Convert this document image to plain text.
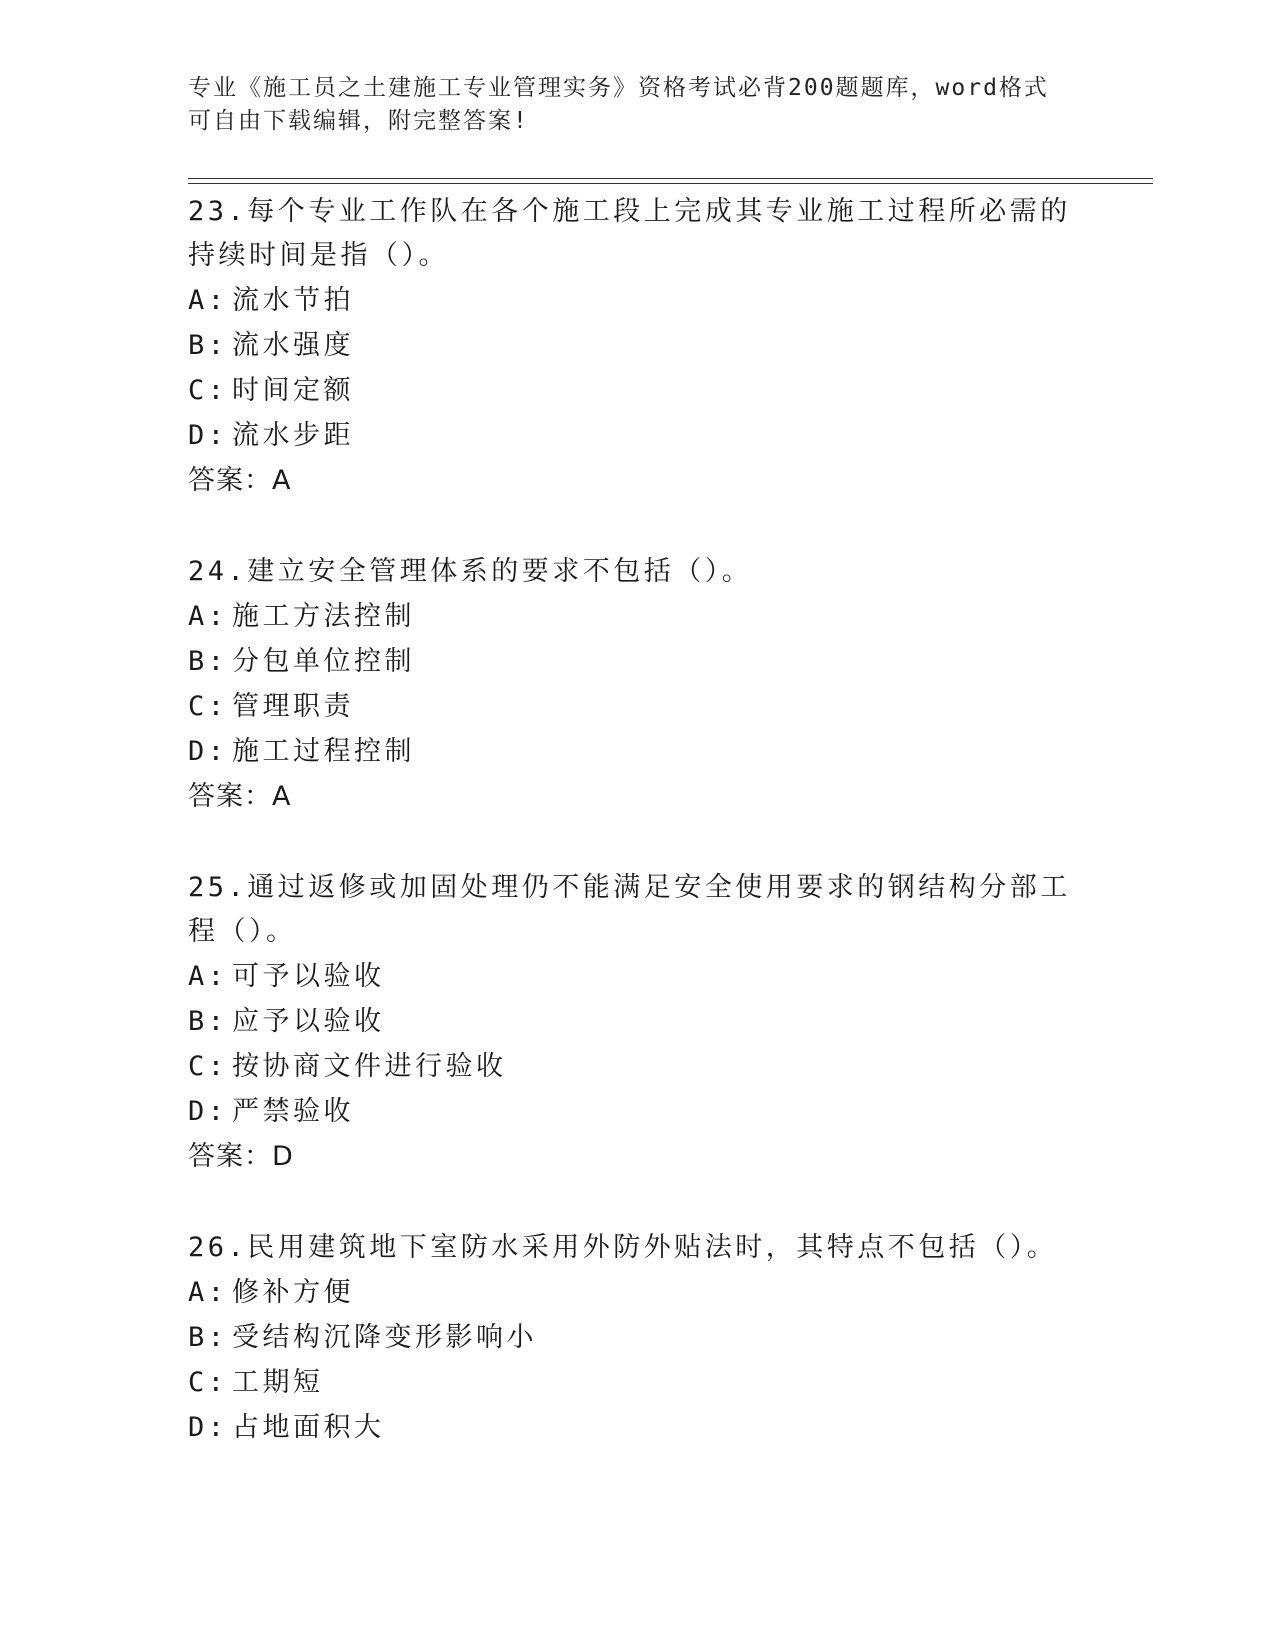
专业《施工员之土建施工专业管理实务》资格考试必背200题题库，word格式可自由下载编辑，附完整答案!

23.每个专业工作队在各个施工段上完成其专业施工过程所必需的持续时间是指（）。

A: 流水节拍
B: 流水强度
C: 时间定额
D: 流水步距
答案：A

24.建立安全管理体系的要求不包括（）。

A: 施工方法控制
B: 分包单位控制
C: 管理职责
D: 施工过程控制
答案：A

25.通过返修或加固处理仍不能满足安全使用要求的钢结构分部工程（）。

A: 可予以验收
B: 应予以验收
C: 按协商文件进行验收
D: 严禁验收
答案：D

26.民用建筑地下室防水采用外防外贴法时，其特点不包括（）。

A: 修补方便
B: 受结构沉降变形影响小
C: 工期短
D: 占地面积大
